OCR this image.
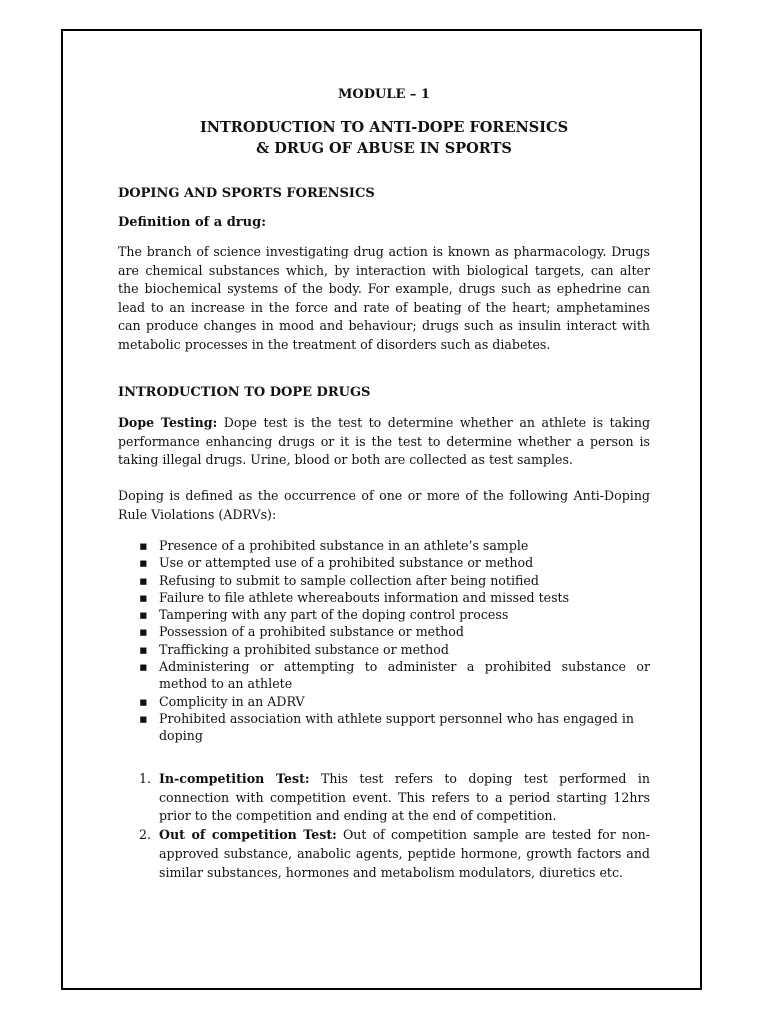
MODULE – 1
INTRODUCTION TO ANTI-DOPE FORENSICS
& DRUG OF ABUSE IN SPORTS
DOPING AND SPORTS FORENSICS
Definition of a drug:
The branch of science investigating drug action is known as pharmacology. Drugs are chemical substances which, by interaction with biological targets, can alter the biochemical systems of the body. For example, drugs such as ephedrine can lead to an increase in the force and rate of beating of the heart; amphetamines can produce changes in mood and behaviour; drugs such as insulin interact with metabolic processes in the treatment of disorders such as diabetes.
INTRODUCTION TO DOPE DRUGS
Dope Testing: Dope test is the test to determine whether an athlete is taking performance enhancing drugs or it is the test to determine whether a person is taking illegal drugs. Urine, blood or both are collected as test samples.
Doping is defined as the occurrence of one or more of the following Anti-Doping Rule Violations (ADRVs):
▪ Presence of a prohibited substance in an athlete’s sample
▪ Use or attempted use of a prohibited substance or method
▪ Refusing to submit to sample collection after being notified
▪ Failure to file athlete whereabouts information and missed tests
▪ Tampering with any part of the doping control process
▪ Possession of a prohibited substance or method
▪ Trafficking a prohibited substance or method
▪ Administering or attempting to administer a prohibited substance or method to an athlete
▪ Complicity in an ADRV
▪ Prohibited association with athlete support personnel who has engaged in doping
1. In-competition Test: This test refers to doping test performed in connection with competition event. This refers to a period starting 12hrs prior to the competition and ending at the end of competition.
2. Out of competition Test: Out of competition sample are tested for non-approved substance, anabolic agents, peptide hormone, growth factors and similar substances, hormones and metabolism modulators, diuretics etc.
